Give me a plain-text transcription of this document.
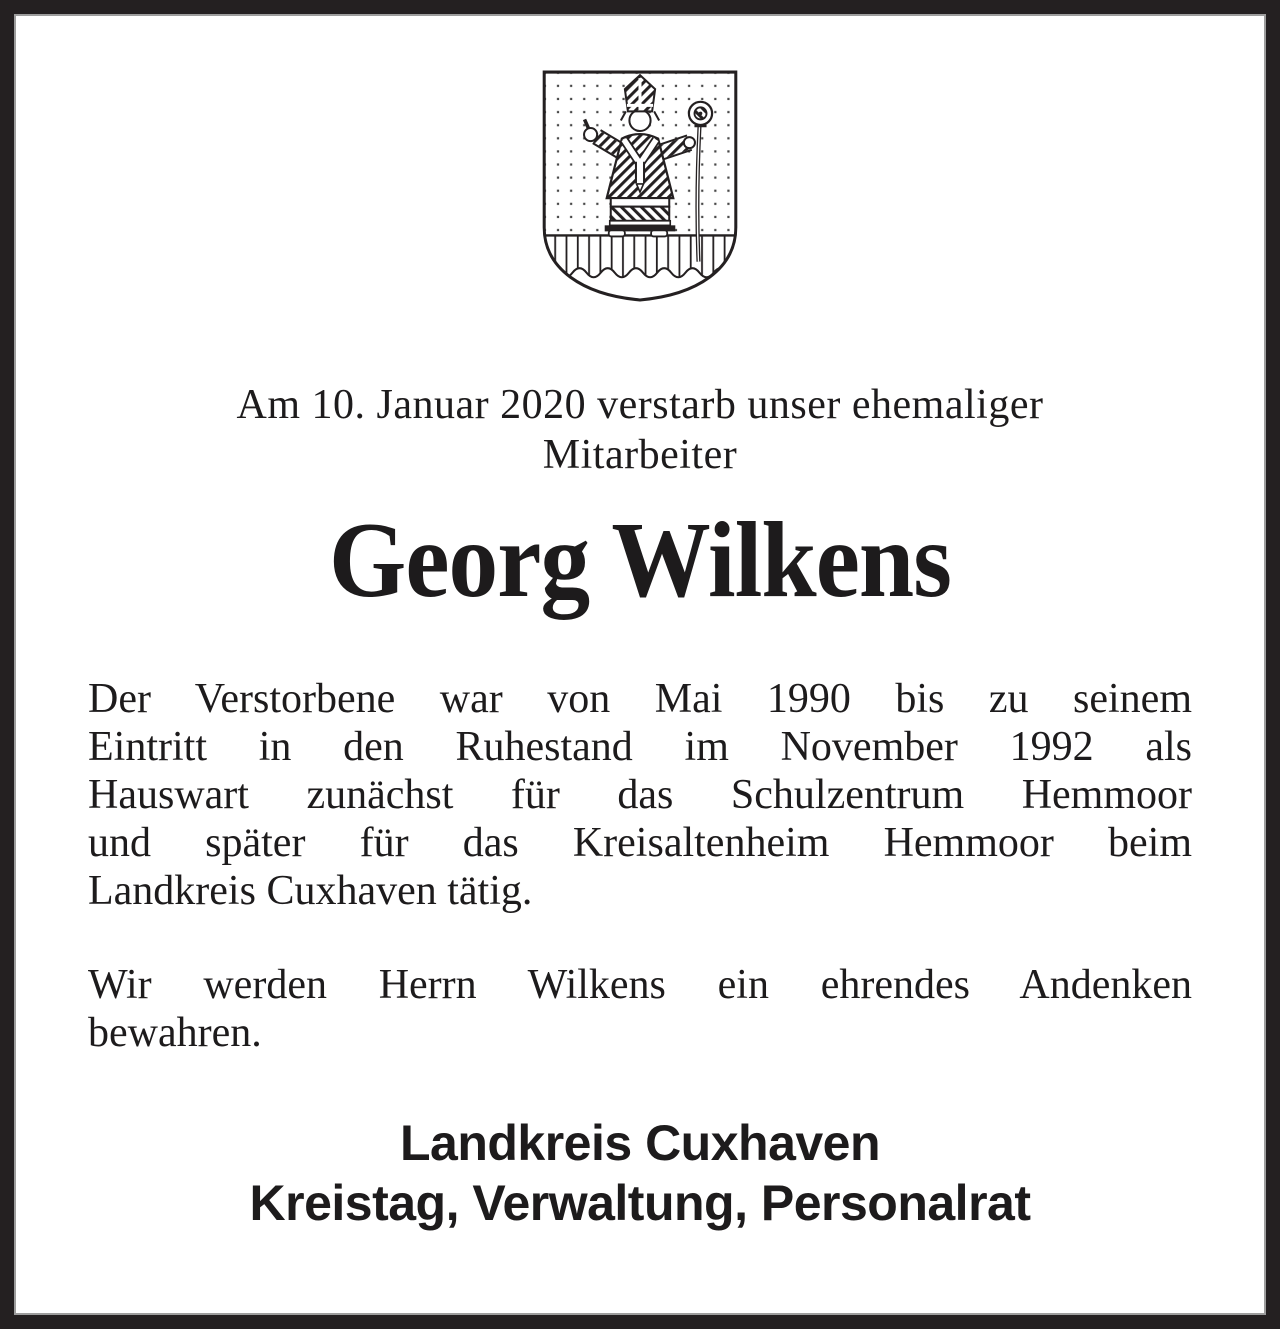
Am 10. Januar 2020 verstarb unser ehemaliger
Mitarbeiter
Georg Wilkens
Der Verstorbene war von Mai 1990 bis zu seinem
Eintritt in den Ruhestand im November 1992 als
Hauswart zunächst für das Schulzentrum Hemmoor
und später für das Kreisaltenheim Hemmoor beim
Landkreis Cuxhaven tätig.
Wir werden Herrn Wilkens ein ehrendes Andenken
bewahren.
Landkreis Cuxhaven
Kreistag, Verwaltung, Personalrat
